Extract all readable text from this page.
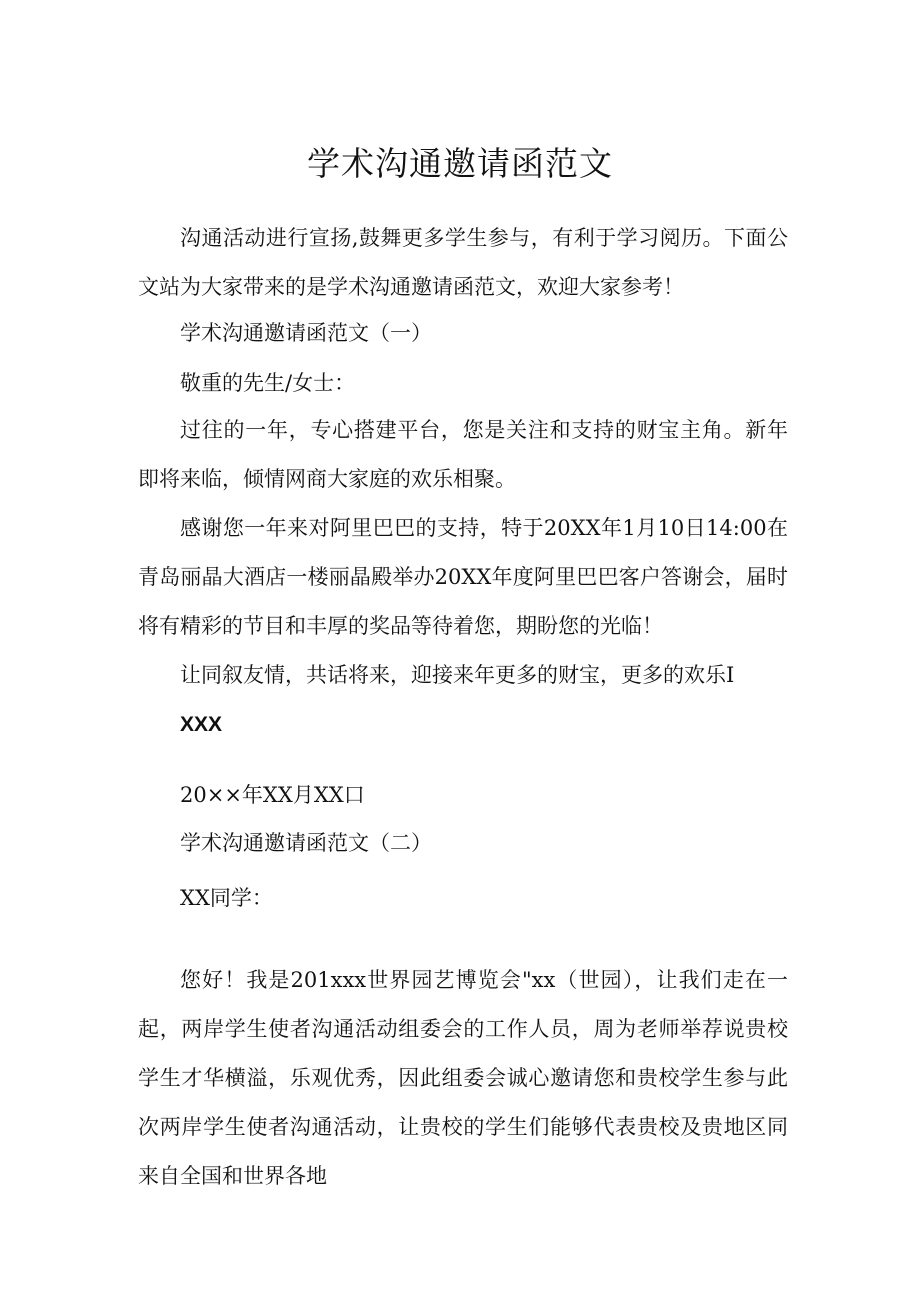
学术沟通邀请函范文

沟通活动进行宣扬,鼓舞更多学生参与，有利于学习阅历。下面公文站为大家带来的是学术沟通邀请函范文，欢迎大家参考！

学术沟通邀请函范文（一）
敬重的先生/女士：

过往的一年，专心搭建平台，您是关注和支持的财宝主角。新年即将来临，倾情网商大家庭的欢乐相聚。

感谢您一年来对阿里巴巴的支持，特于20XX年1月10日14:00在青岛丽晶大酒店一楼丽晶殿举办20XX年度阿里巴巴客户答谢会，届时将有精彩的节目和丰厚的奖品等待着您，期盼您的光临！

让同叙友情，共话将来，迎接来年更多的财宝，更多的欢乐I
XXX
20××年XX月XX口
学术沟通邀请函范文（二）
XX同学：

您好！我是201xxx世界园艺博览会"xx（世园），让我们走在一起，两岸学生使者沟通活动组委会的工作人员，周为老师举荐说贵校学生才华横溢，乐观优秀，因此组委会诚心邀请您和贵校学生参与此次两岸学生使者沟通活动，让贵校的学生们能够代表贵校及贵地区同来自全国和世界各地
